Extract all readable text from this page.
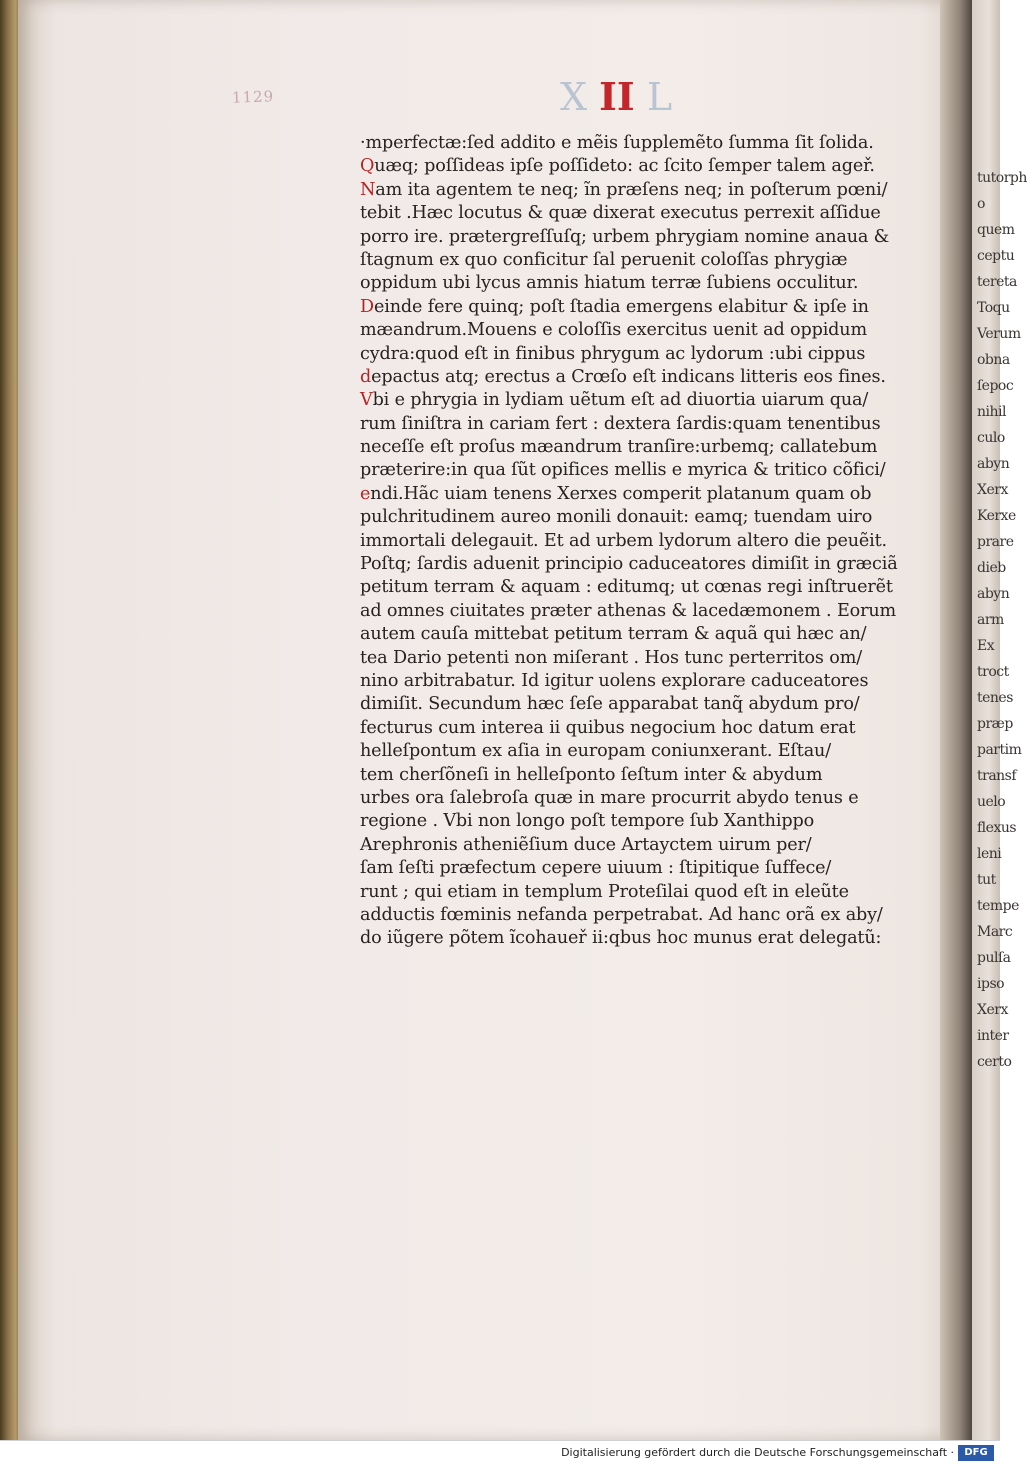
1129
tutorph
o
quem
ceptu
tereta
Toqu
Verum
obna
ſepoc
nihil
culo
abyn
Xerx
Kerxe
prare
dieb
abyn
arm
Ex
troct
tenes
præp
partim
transf
uelo
flexus
leni
tut
tempe
Marc
pulſa
ipso
Xerx
inter
certo
X II L
·mperfectæ:ſed addito e mẽis ſupplemẽto ſumma ſit ſolida.
Quæq; poſſideas ipſe poſſideto: ac ſcito ſemper talem ageř.
Nam ita agentem te neq; ĩn præſens neq; in poſterum pœni/
tebit .Hæc locutus & quæ dixerat executus perrexit aſſidue
porro ire. prætergreſſuſq; urbem phrygiam nomine anaua &
ſtagnum ex quo conficitur ſal peruenit coloſſas phrygiæ
oppidum ubi lycus amnis hiatum terræ ſubiens occulitur.
Deinde fere quinq; poſt ſtadia emergens elabitur & ipſe in
mæandrum.Mouens e coloſſis exercitus uenit ad oppidum
cydra:quod eſt in finibus phrygum ac lydorum :ubi cippus
depactus atq; erectus a Crœſo eſt indicans litteris eos fines.
Vbi e phrygia in lydiam uẽtum eſt ad diuortia uiarum qua/
rum ſiniſtra in cariam fert : dextera ſardis:quam tenentibus
neceſſe eſt proſus mæandrum tranſire:urbemq; callatebum
præterire:in qua ſũt opifices mellis e myrica & tritico cõfici/
endi.Hãc uiam tenens Xerxes comperit platanum quam ob
pulchritudinem aureo monili donauit: eamq; tuendam uiro
immortali delegauit. Et ad urbem lydorum altero die peuẽit.
Poſtq; ſardis aduenit principio caduceatores dimiſit in græciã
petitum terram & aquam : editumq; ut cœnas regi inſtruerẽt
ad omnes ciuitates præter athenas & lacedæmonem . Eorum
autem cauſa mittebat petitum terram & aquã qui hæc an/
tea Dario petenti non miſerant . Hos tunc perterritos om/
nino arbitrabatur. Id igitur uolens explorare caduceatores
dimiſit. Secundum hæc ſeſe apparabat tanq̃ abydum pro/
fecturus cum interea ii quibus negocium hoc datum erat
helleſpontum ex aſia in europam coniunxerant. Eſtau/
tem cherſõneſi in helleſponto ſeſtum inter & abydum
urbes ora ſalebroſa quæ in mare procurrit abydo tenus e
regione . Vbi non longo poſt tempore ſub Xanthippo
Arephronis atheniẽſium duce Artayctem uirum per/
ſam ſeſti præfectum cepere uiuum : ſtipitique ſuffece/
runt ; qui etiam in templum Proteſilai quod eſt in eleũte
adductis fœminis nefanda perpetrabat. Ad hanc orã ex aby/
do iũgere põtem ĩcohaueř ii:qbus hoc munus erat delegatũ:
Digitalisierung gefördert durch die Deutsche Forschungsgemeinschaft ·	DFG
